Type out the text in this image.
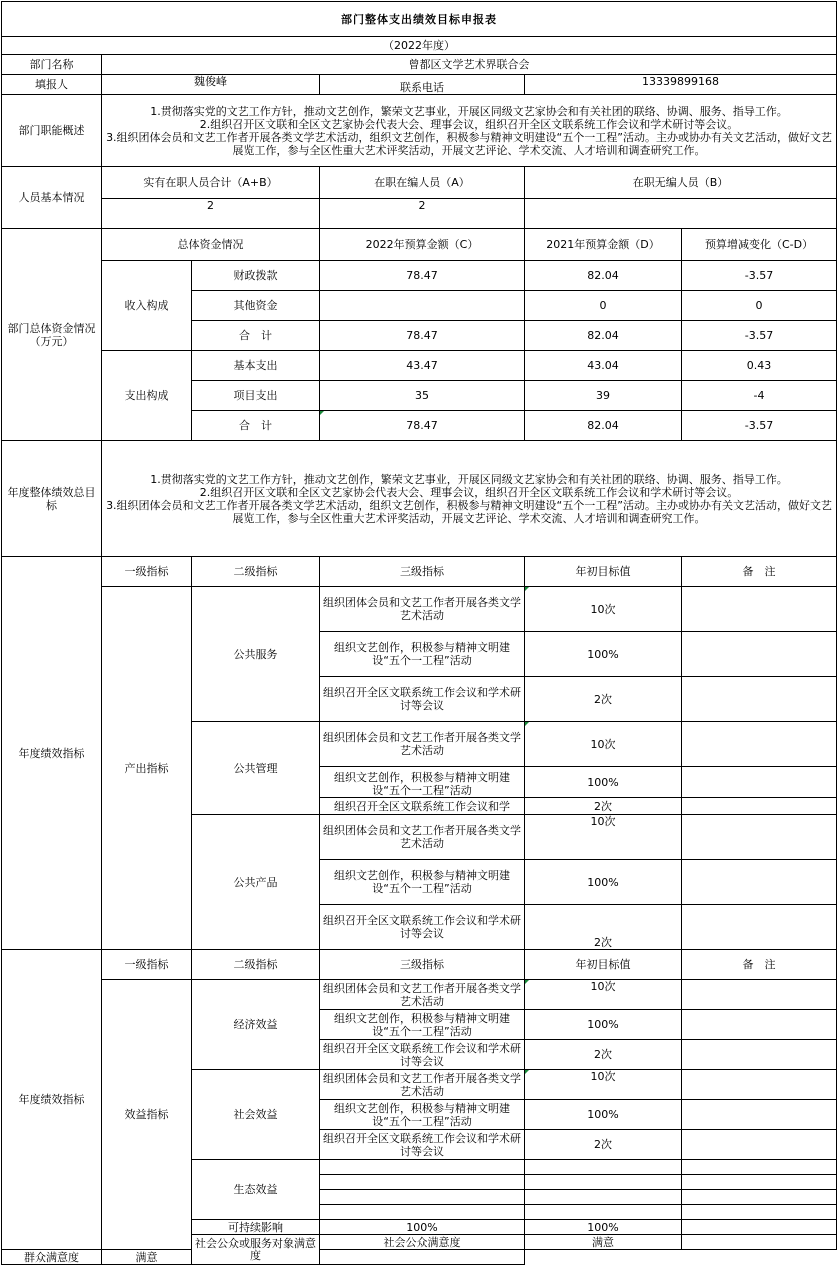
部门整体支出绩效目标申报表					
（2022年度）					
部门名称	曾都区文学艺术界联合会				
填报人	魏俊峰		联系电话	13339899168	
部门职能概述	1.贯彻落实党的文艺工作方针，推动文艺创作，繁荣文艺事业，开展区同级文艺家协会和有关社团的联络、协调、服务、指导工作。
2.组织召开区文联和全区文艺家协会代表大会、理事会议，组织召开全区文联系统工作会议和学术研讨等会议。
3.组织团体会员和文艺工作者开展各类文学艺术活动，组织文艺创作，积极参与精神文明建设“五个一工程”活动。主办或协办有关文艺活动，做好文艺展览工作，参与全区性重大艺术评奖活动，开展文艺评论、学术交流、人才培训和调查研究工作。				

人员基本情况	实有在职人员合计（A+B）		在职在编人员（A）	在职无编人员（B）	
	2		2		
部门总体资金情况（万元）	总体资金情况		2022年预算金额（C）	2021年预算金额（D）	预算增减变化（C-D）
	收入构成	财政拨款	78.47	82.04	-3.57
		其他资金		0	0
		合　计	78.47	82.04	-3.57
	支出构成	基本支出	43.47	43.04	0.43
		项目支出	35	39	-4
		合　计	78.47	82.04	-3.57
年度整体绩效总目标	1.贯彻落实党的文艺工作方针，推动文艺创作，繁荣文艺事业，开展区同级文艺家协会和有关社团的联络、协调、服务、指导工作。
2.组织召开区文联和全区文艺家协会代表大会、理事会议，组织召开全区文联系统工作会议和学术研讨等会议。
3.组织团体会员和文艺工作者开展各类文学艺术活动，组织文艺创作，积极参与精神文明建设“五个一工程”活动。主办或协办有关文艺活动，做好文艺展览工作，参与全区性重大艺术评奖活动，开展文艺评论、学术交流、人才培训和调查研究工作。				

年度绩效指标	一级指标	二级指标	三级指标	年初目标值	备　注
	产出指标	公共服务	组织团体会员和文艺工作者开展各类文学艺术活动	10次	
			组织文艺创作，积极参与精神文明建设“五个一工程”活动	100%	
			组织召开全区文联系统工作会议和学术研讨等会议	2次	
		公共管理	组织团体会员和文艺工作者开展各类文学艺术活动	10次	
			组织文艺创作，积极参与精神文明建设“五个一工程”活动	100%	
			组织召开全区文联系统工作会议和学	2次	
		公共产品	组织团体会员和文艺工作者开展各类文学艺术活动	10次	
			组织文艺创作，积极参与精神文明建设“五个一工程”活动	100%	
			组织召开全区文联系统工作会议和学术研讨等会议	2次	
年度绩效指标	一级指标	二级指标	三级指标	年初目标值	备　注
	效益指标	经济效益	组织团体会员和文艺工作者开展各类文学艺术活动	10次	
			组织文艺创作，积极参与精神文明建设“五个一工程”活动	100%	
			组织召开全区文联系统工作会议和学术研讨等会议	2次	
		社会效益	组织团体会员和文艺工作者开展各类文学艺术活动	10次	
			组织文艺创作，积极参与精神文明建设“五个一工程”活动	100%	
			组织召开全区文联系统工作会议和学术研讨等会议	2次	
		生态效益			

		可持续影响	100%	100%	
		社会公众或服务对象满意度	社会公众满意度	满意	
群众满意度	满意				
